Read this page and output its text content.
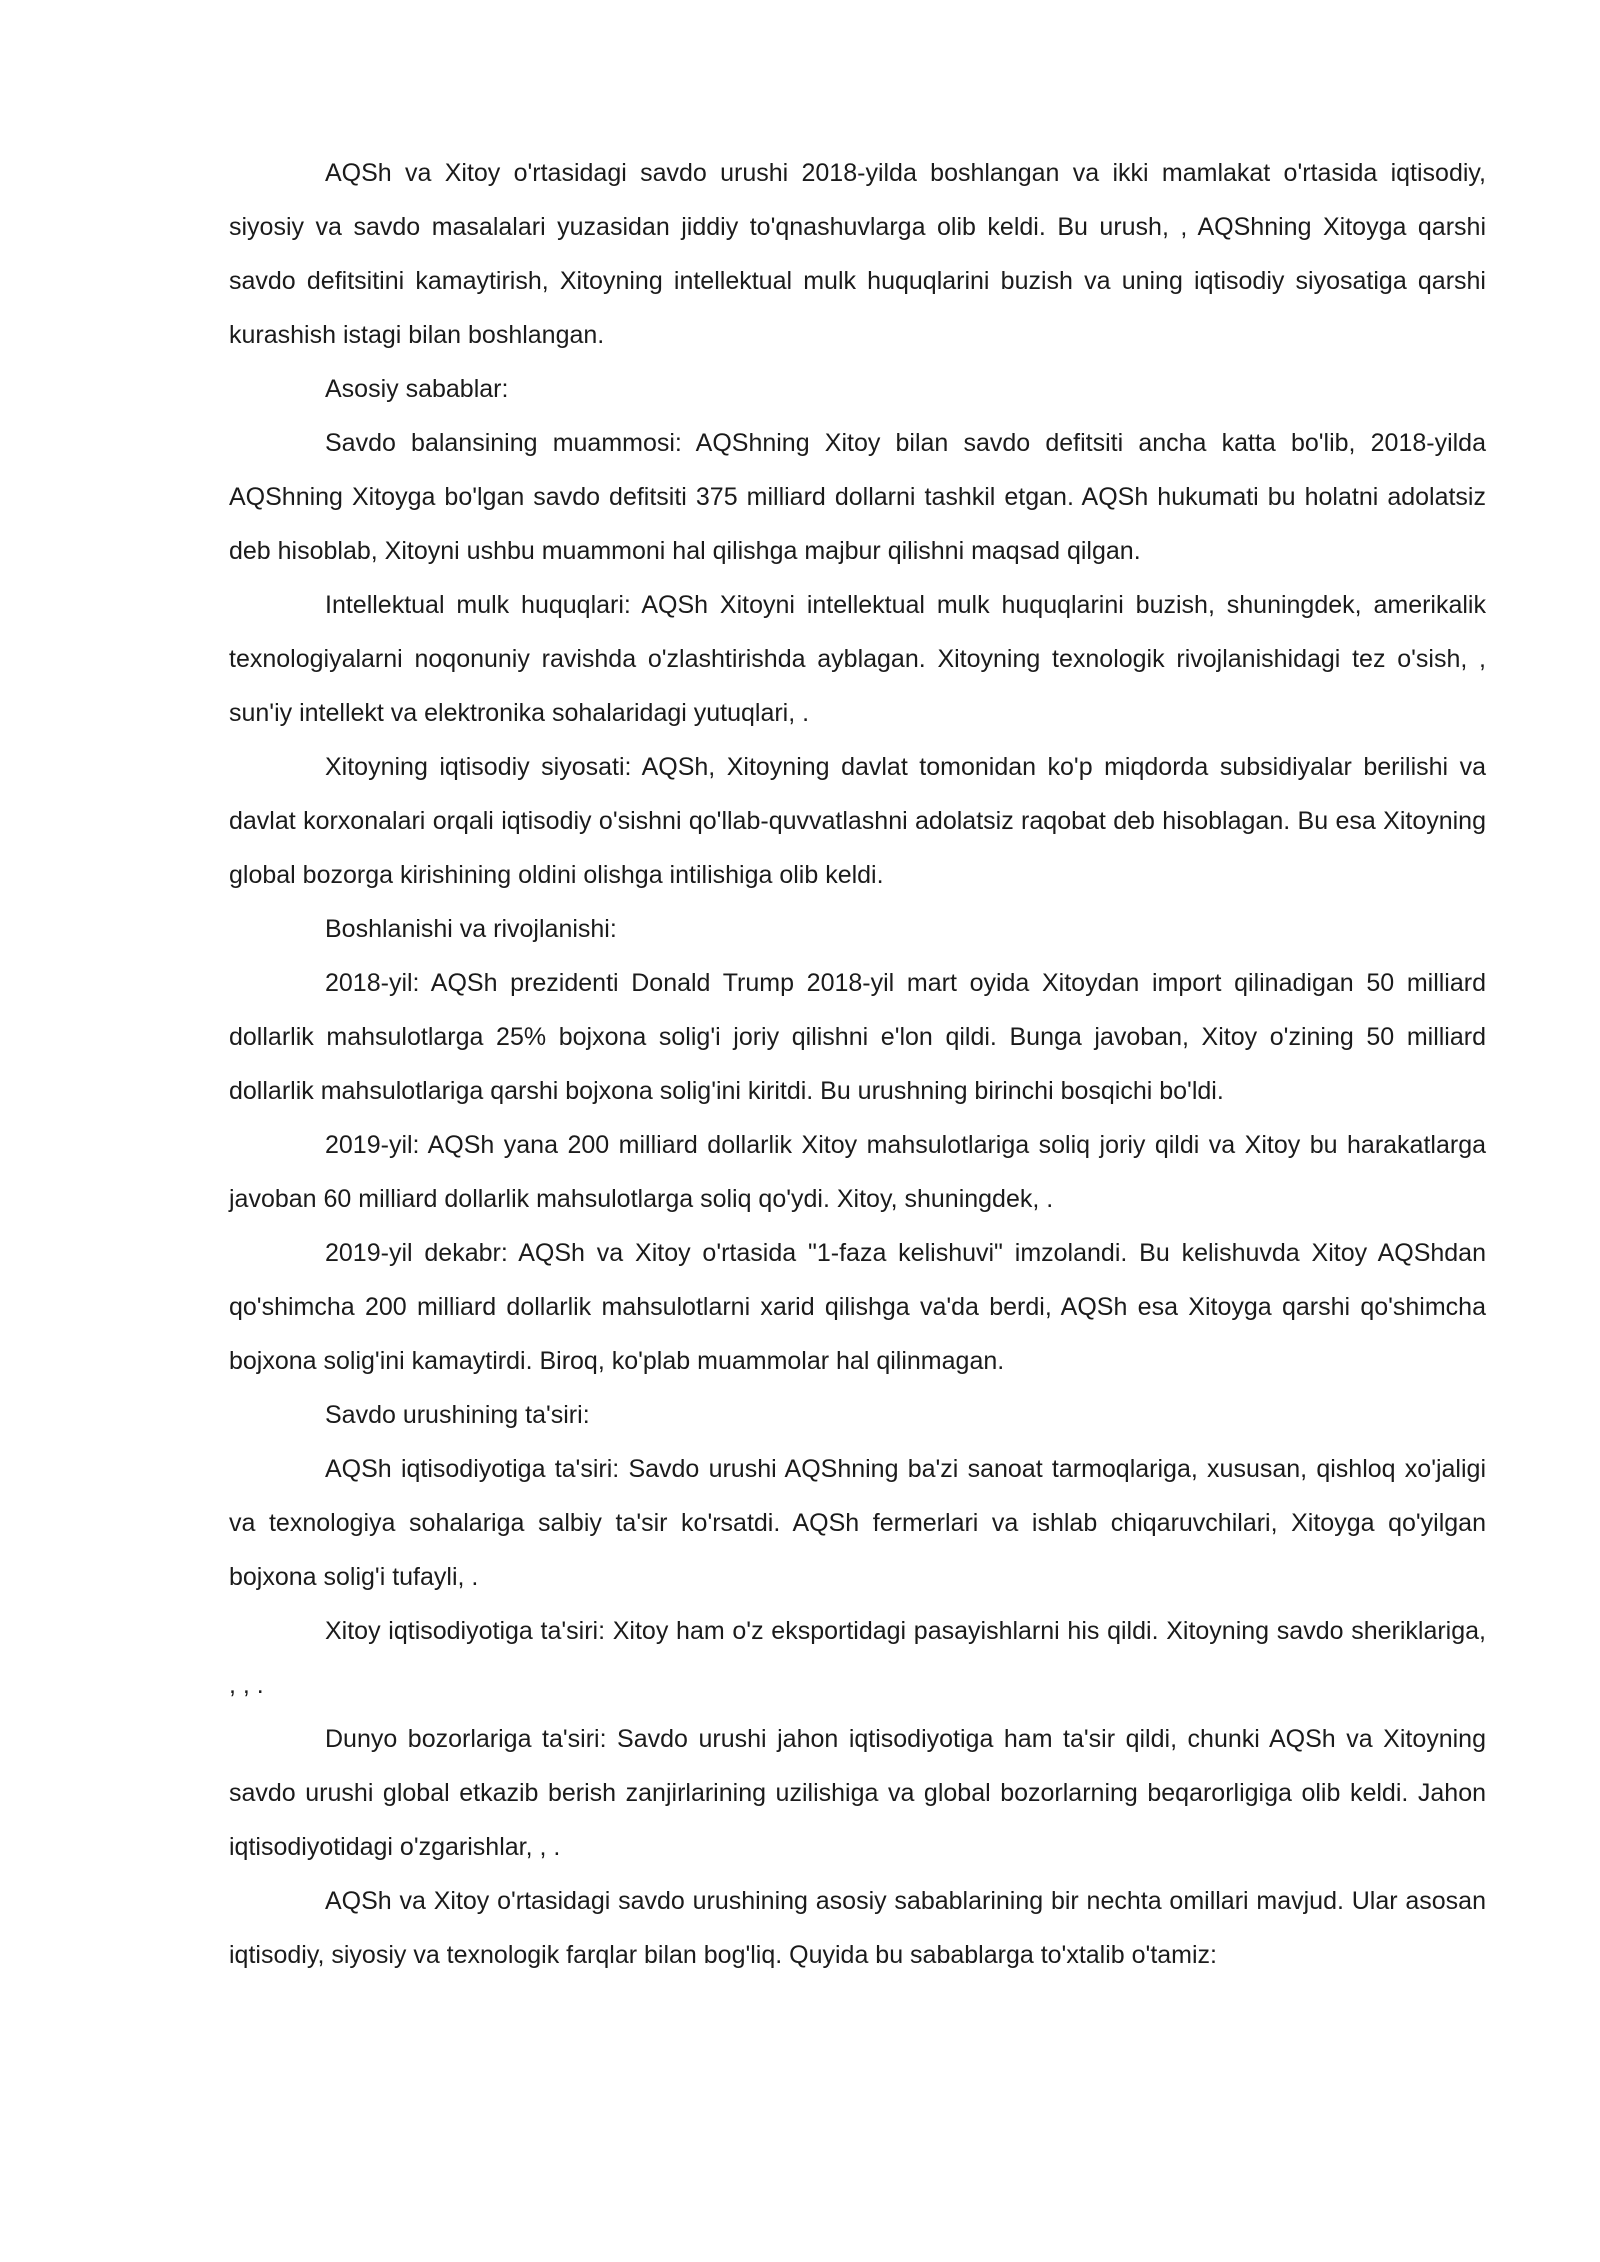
AQSh va Xitoy o'rtasidagi savdo urushi 2018-yilda boshlangan va ikki mamlakat o'rtasida iqtisodiy, siyosiy va savdo masalalari yuzasidan jiddiy to'qnashuvlarga olib keldi. Bu urush, , AQShning Xitoyga qarshi savdo defitsitini kamaytirish, Xitoyning intellektual mulk huquqlarini buzish va uning iqtisodiy siyosatiga qarshi kurashish istagi bilan boshlangan.

Asosiy sabablar:

Savdo balansining muammosi: AQShning Xitoy bilan savdo defitsiti ancha katta bo'lib, 2018-yilda AQShning Xitoyga bo'lgan savdo defitsiti 375 milliard dollarni tashkil etgan. AQSh hukumati bu holatni adolatsiz deb hisoblab, Xitoyni ushbu muammoni hal qilishga majbur qilishni maqsad qilgan.

Intellektual mulk huquqlari: AQSh Xitoyni intellektual mulk huquqlarini buzish, shuningdek, amerikalik texnologiyalarni noqonuniy ravishda o'zlashtirishda ayblagan. Xitoyning texnologik rivojlanishidagi tez o'sish, , sun'iy intellekt va elektronika sohalaridagi yutuqlari, .

Xitoyning iqtisodiy siyosati: AQSh, Xitoyning davlat tomonidan ko'p miqdorda subsidiyalar berilishi va davlat korxonalari orqali iqtisodiy o'sishni qo'llab-quvvatlashni adolatsiz raqobat deb hisoblagan. Bu esa Xitoyning global bozorga kirishining oldini olishga intilishiga olib keldi.

Boshlanishi va rivojlanishi:

2018-yil: AQSh prezidenti Donald Trump 2018-yil mart oyida Xitoydan import qilinadigan 50 milliard dollarlik mahsulotlarga 25% bojxona solig'i joriy qilishni e'lon qildi. Bunga javoban, Xitoy o'zining 50 milliard dollarlik mahsulotlariga qarshi bojxona solig'ini kiritdi. Bu urushning birinchi bosqichi bo'ldi.

2019-yil: AQSh yana 200 milliard dollarlik Xitoy mahsulotlariga soliq joriy qildi va Xitoy bu harakatlarga javoban 60 milliard dollarlik mahsulotlarga soliq qo'ydi. Xitoy, shuningdek, .

2019-yil dekabr: AQSh va Xitoy o'rtasida "1-faza kelishuvi" imzolandi. Bu kelishuvda Xitoy AQShdan qo'shimcha 200 milliard dollarlik mahsulotlarni xarid qilishga va'da berdi, AQSh esa Xitoyga qarshi qo'shimcha bojxona solig'ini kamaytirdi. Biroq, ko'plab muammolar hal qilinmagan.

Savdo urushining ta'siri:

AQSh iqtisodiyotiga ta'siri: Savdo urushi AQShning ba'zi sanoat tarmoqlariga, xususan, qishloq xo'jaligi va texnologiya sohalariga salbiy ta'sir ko'rsatdi. AQSh fermerlari va ishlab chiqaruvchilari, Xitoyga qo'yilgan bojxona solig'i tufayli, .

Xitoy iqtisodiyotiga ta'siri: Xitoy ham o'z eksportidagi pasayishlarni his qildi. Xitoyning savdo sheriklariga, , , .

Dunyo bozorlariga ta'siri: Savdo urushi jahon iqtisodiyotiga ham ta'sir qildi, chunki AQSh va Xitoyning savdo urushi global etkazib berish zanjirlarining uzilishiga va global bozorlarning beqarorligiga olib keldi. Jahon iqtisodiyotidagi o'zgarishlar, , .

AQSh va Xitoy o'rtasidagi savdo urushining asosiy sabablarining bir nechta omillari mavjud. Ular asosan iqtisodiy, siyosiy va texnologik farqlar bilan bog'liq. Quyida bu sabablarga to'xtalib o'tamiz:
